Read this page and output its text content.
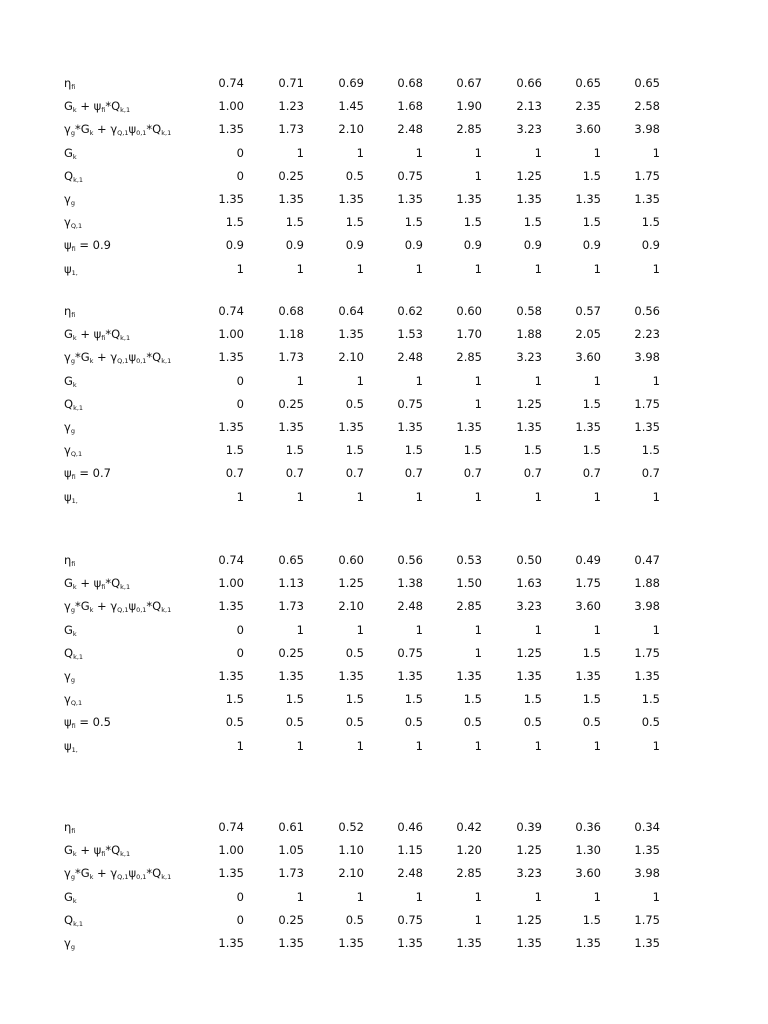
$\eta_{fi}$	0.74	0.71	0.69	0.68	0.67	0.66	0.65	0.65
$G_k + \psi_{fi}*Q_{k,1}$	1.00	1.23	1.45	1.68	1.90	2.13	2.35	2.58
$\gamma_g*G_k + \gamma_{Q,1}\psi_{0,1}*Q_{k,1}$	1.35	1.73	2.10	2.48	2.85	3.23	3.60	3.98
$G_k$	0	1	1	1	1	1	1	1
$Q_{k,1}$	0	0.25	0.5	0.75	1	1.25	1.5	1.75
$\gamma_g$	1.35	1.35	1.35	1.35	1.35	1.35	1.35	1.35
$\gamma_{Q,1}$	1.5	1.5	1.5	1.5	1.5	1.5	1.5	1.5
$\psi_{fi} = 0.9$	0.9	0.9	0.9	0.9	0.9	0.9	0.9	0.9
$\psi_{1,}$	1	1	1	1	1	1	1	1
$\eta_{fi}$	0.74	0.68	0.64	0.62	0.60	0.58	0.57	0.56
$G_k + \psi_{fi}*Q_{k,1}$	1.00	1.18	1.35	1.53	1.70	1.88	2.05	2.23
$\gamma_g*G_k + \gamma_{Q,1}\psi_{0,1}*Q_{k,1}$	1.35	1.73	2.10	2.48	2.85	3.23	3.60	3.98
$G_k$	0	1	1	1	1	1	1	1
$Q_{k,1}$	0	0.25	0.5	0.75	1	1.25	1.5	1.75
$\gamma_g$	1.35	1.35	1.35	1.35	1.35	1.35	1.35	1.35
$\gamma_{Q,1}$	1.5	1.5	1.5	1.5	1.5	1.5	1.5	1.5
$\psi_{fi} = 0.7$	0.7	0.7	0.7	0.7	0.7	0.7	0.7	0.7
$\psi_{1,}$	1	1	1	1	1	1	1	1
$\eta_{fi}$	0.74	0.65	0.60	0.56	0.53	0.50	0.49	0.47
$G_k + \psi_{fi}*Q_{k,1}$	1.00	1.13	1.25	1.38	1.50	1.63	1.75	1.88
$\gamma_g*G_k + \gamma_{Q,1}\psi_{0,1}*Q_{k,1}$	1.35	1.73	2.10	2.48	2.85	3.23	3.60	3.98
$G_k$	0	1	1	1	1	1	1	1
$Q_{k,1}$	0	0.25	0.5	0.75	1	1.25	1.5	1.75
$\gamma_g$	1.35	1.35	1.35	1.35	1.35	1.35	1.35	1.35
$\gamma_{Q,1}$	1.5	1.5	1.5	1.5	1.5	1.5	1.5	1.5
$\psi_{fi} = 0.5$	0.5	0.5	0.5	0.5	0.5	0.5	0.5	0.5
$\psi_{1,}$	1	1	1	1	1	1	1	1
$\eta_{fi}$	0.74	0.61	0.52	0.46	0.42	0.39	0.36	0.34
$G_k + \psi_{fi}*Q_{k,1}$	1.00	1.05	1.10	1.15	1.20	1.25	1.30	1.35
$\gamma_g*G_k + \gamma_{Q,1}\psi_{0,1}*Q_{k,1}$	1.35	1.73	2.10	2.48	2.85	3.23	3.60	3.98
$G_k$	0	1	1	1	1	1	1	1
$Q_{k,1}$	0	0.25	0.5	0.75	1	1.25	1.5	1.75
$\gamma_g$	1.35	1.35	1.35	1.35	1.35	1.35	1.35	1.35
